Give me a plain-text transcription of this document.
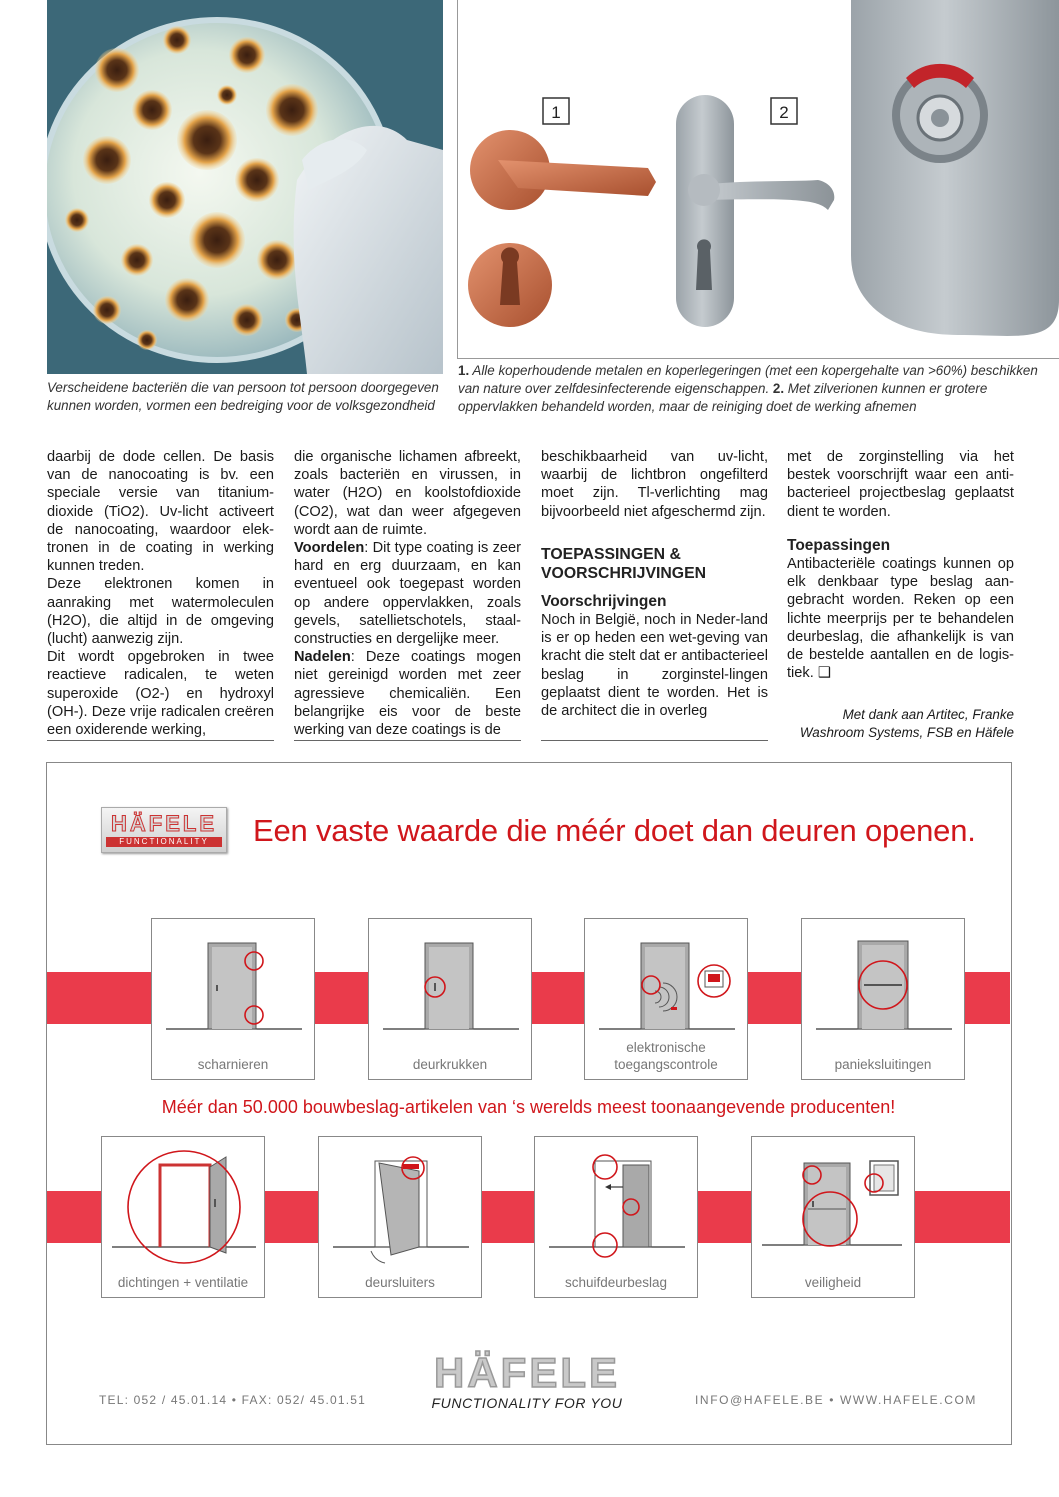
1	2
Verscheidene bacteriën die van persoon tot persoon doorgegeven kunnen worden, vormen een bedreiging voor de volksgezondheid
1. Alle koperhoudende metalen en koperlegeringen (met een kopergehalte van >60%) beschikken van nature over zelfdesinfecterende eigenschappen. 2. Met zilverionen kunnen er grotere oppervlakken behandeld worden, maar de reiniging doet de werking afnemen

daarbij de dode cellen. De basis van de nanocoating is bv. een speciale versie van titanium-dioxide (TiO2). Uv-licht activeert de nanocoating, waardoor elek-tronen in de coating in werking kunnen treden.

Deze elektronen komen in aanraking met watermoleculen (H2O), die altijd in de omgeving (lucht) aanwezig zijn.

Dit wordt opgebroken in twee reactieve radicalen, te weten superoxide (O2-) en hydroxyl (OH-). Deze vrije radicalen creëren een oxiderende werking,

die organische lichamen afbreekt, zoals bacteriën en virussen, in water (H2O) en koolstofdioxide (CO2), wat dan weer afgegeven wordt aan de ruimte.

Voordelen: Dit type coating is zeer hard en erg duurzaam, en kan eventueel ook toegepast worden op andere oppervlakken, zoals gevels, satellietschotels, staal-constructies en dergelijke meer.

Nadelen: Deze coatings mogen niet gereinigd worden met zeer agressieve chemicaliën. Een belangrijke eis voor de beste werking van deze coatings is de

beschikbaarheid van uv-licht, waarbij de lichtbron ongefilterd moet zijn. Tl-verlichting mag bijvoorbeeld niet afgeschermd zijn.

TOEPASSINGEN & VOORSCHRIJVINGEN
Voorschrijvingen

Noch in België, noch in Neder-land is er op heden een wet-geving van kracht die stelt dat er antibacterieel beslag in zorginstel-lingen geplaatst dient te worden. Het is de architect die in overleg

met de zorginstelling via het bestek voorschrijft waar een anti-bacterieel projectbeslag geplaatst dient te worden.

Toepassingen

Antibacteriële coatings kunnen op elk denkbaar type beslag aan-gebracht worden. Reken op een lichte meerprijs per te behandelen deurbeslag, die afhankelijk is van de bestelde aantallen en de logis-tiek. ❑

Met dank aan Artitec, Franke Washroom Systems, FSB en Häfele
HÄFELE
FUNCTIONALITY	Een vaste waarde die méér doet dan deuren openen.
scharnieren	deurkrukken
elektronische toegangscontrole	panieksluitingen
Méér dan 50.000 bouwbeslag-artikelen van ‘s werelds meest toonaangevende producenten!
dichtingen + ventilatie	deursluiters	schuifdeurbeslag	veiligheid
TEL: 052 / 45.01.14 • FAX: 052/ 45.01.51
HÄFELE
FUNCTIONALITY FOR YOU	INFO@HAFELE.BE • WWW.HAFELE.COM
